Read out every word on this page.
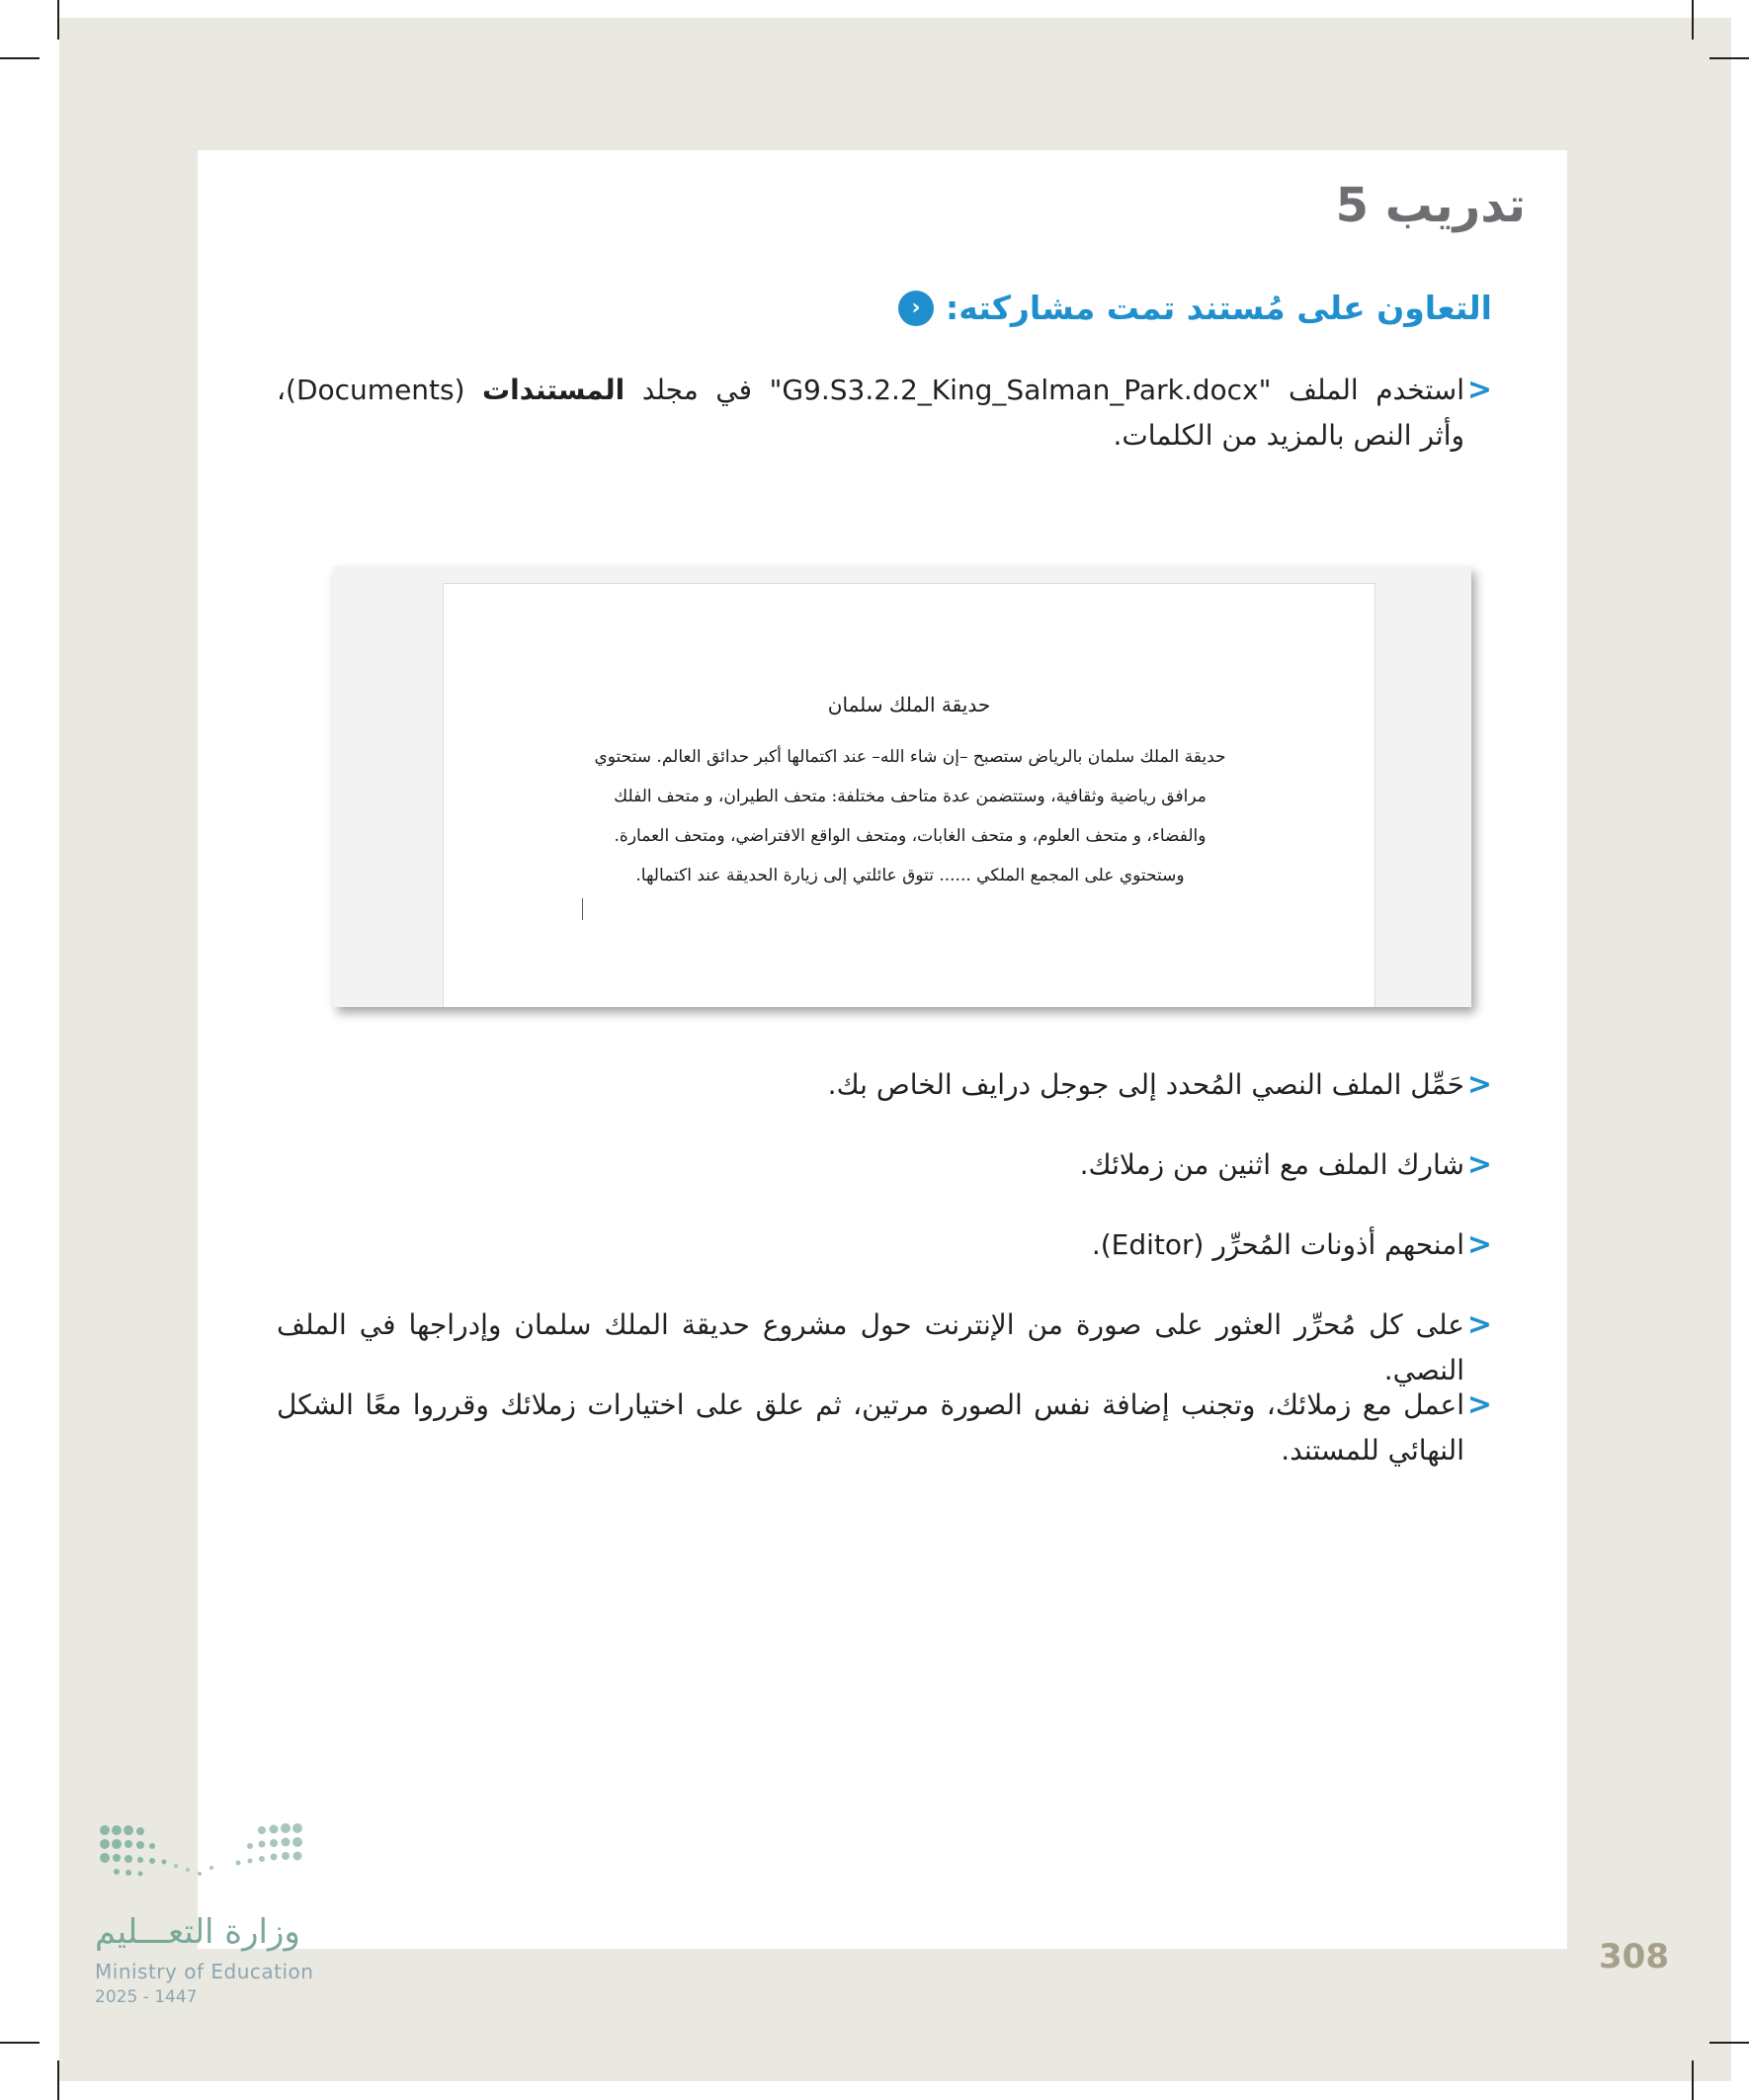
تدريب 5
‹ التعاون على مُستند تمت مشاركته:
<
استخدم الملف "G9.S3.2.2_King_Salman_Park.docx" في مجلد المستندات (Documents)، وأثر النص بالمزيد من الكلمات.
حديقة الملك سلمان
حديقة الملك سلمان بالرياض ستصبح –إن شاء الله– عند اكتمالها أكبر حدائق العالم. ستحتوي
مرافق رياضية وثقافية، وستتضمن عدة متاحف مختلفة: متحف الطيران، و متحف الفلك
والفضاء، و متحف العلوم، و متحف الغابات، ومتحف الواقع الافتراضي، ومتحف العمارة.
وستحتوي على المجمع الملكي ...... تتوق عائلتي إلى زيارة الحديقة عند اكتمالها.
<
حَمِّل الملف النصي المُحدد إلى جوجل درايف الخاص بك.
<
شارك الملف مع اثنين من زملائك.
<
امنحهم أذونات المُحرِّر (Editor).
<
على كل مُحرِّر العثور على صورة من الإنترنت حول مشروع حديقة الملك سلمان وإدراجها في الملف النصي.
<
اعمل مع زملائك، وتجنب إضافة نفس الصورة مرتين، ثم علق على اختيارات زملائك وقرروا معًا الشكل النهائي للمستند.
وزارة التعـــليم
Ministry of Education
2025 - 1447
308
